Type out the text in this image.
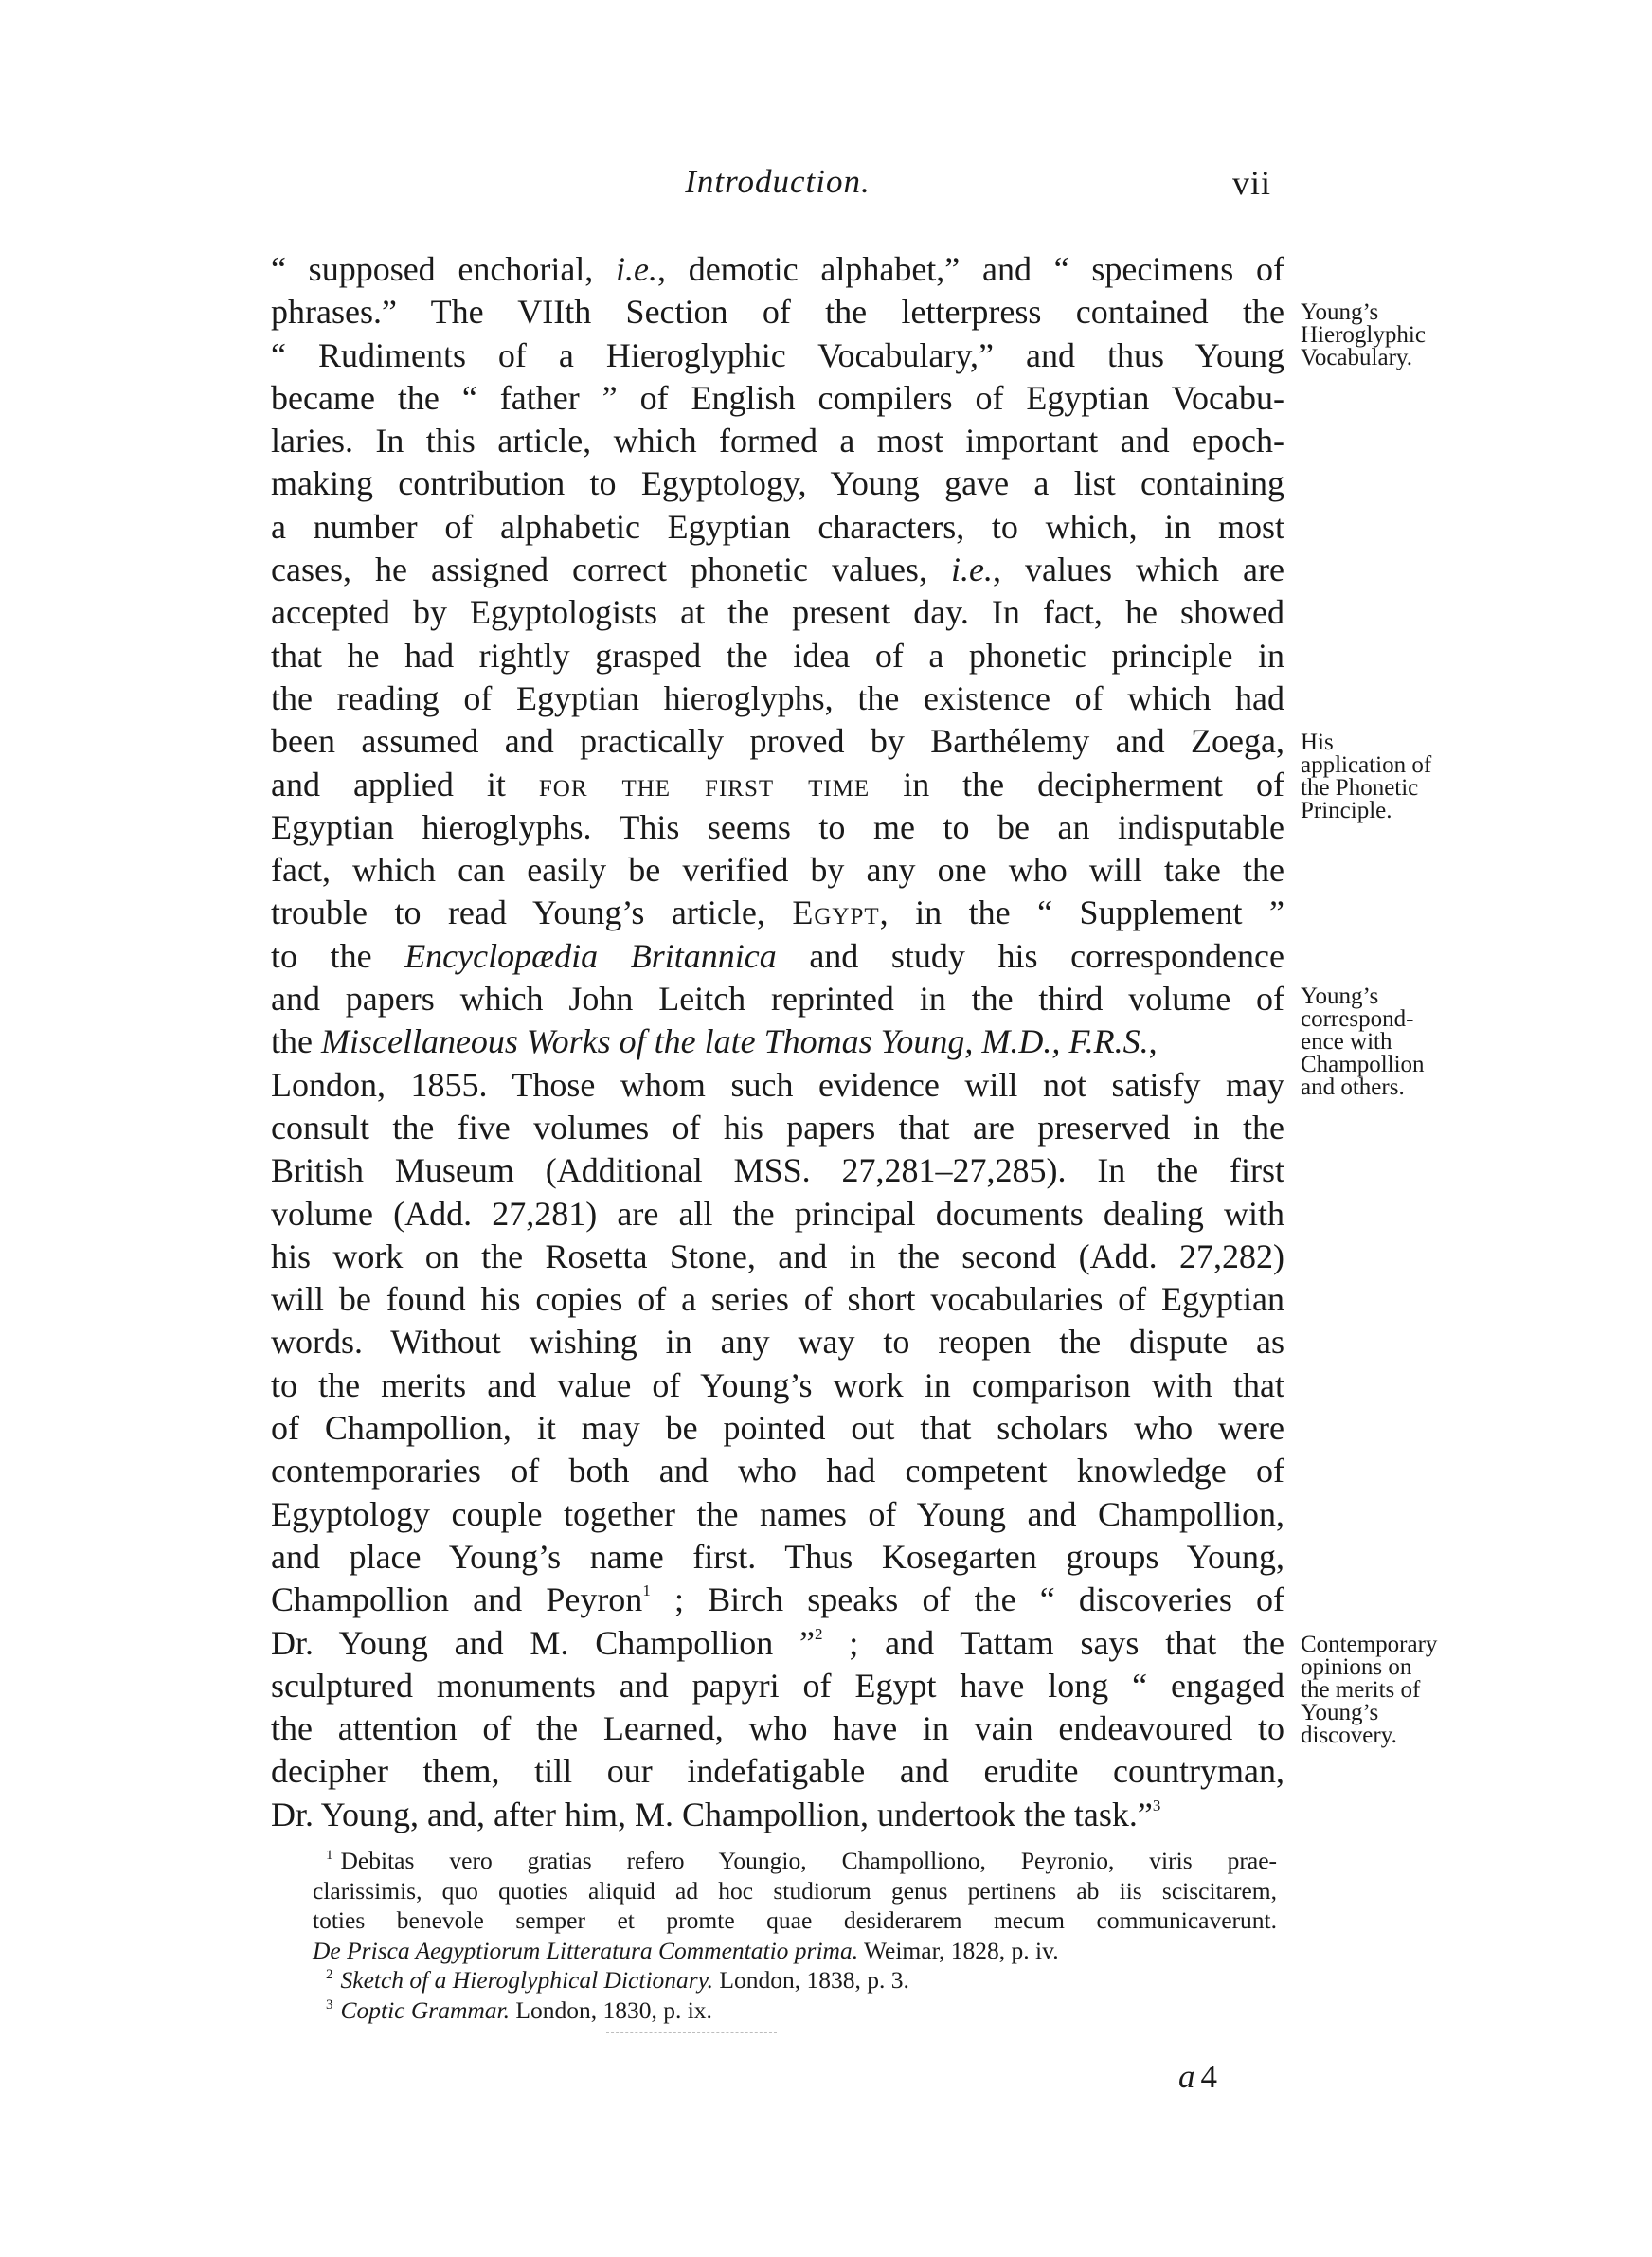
Introduction.	vii
“ supposed enchorial, i.e., demotic alphabet,” and “ specimens of
phrases.” The VIIth Section of the letterpress contained the
“ Rudiments of a Hieroglyphic Vocabulary,” and thus Young
became the “ father ” of English compilers of Egyptian Vocabu-
laries. In this article, which formed a most important and epoch-
making contribution to Egyptology, Young gave a list containing
a number of alphabetic Egyptian characters, to which, in most
cases, he assigned correct phonetic values, i.e., values which are
accepted by Egyptologists at the present day. In fact, he showed
that he had rightly grasped the idea of a phonetic principle in
the reading of Egyptian hieroglyphs, the existence of which had
been assumed and practically proved by Barthélemy and Zoega,
and applied it for the first time in the decipherment of
Egyptian hieroglyphs. This seems to me to be an indisputable
fact, which can easily be verified by any one who will take the
trouble to read Young’s article, Egypt, in the “ Supplement ”
to the Encyclopædia Britannica and study his correspondence
and papers which John Leitch reprinted in the third volume of
the Miscellaneous Works of the late Thomas Young, M.D., F.R.S.,
London, 1855. Those whom such evidence will not satisfy may
consult the five volumes of his papers that are preserved in the
British Museum (Additional MSS. 27,281–27,285). In the first
volume (Add. 27,281) are all the principal documents dealing with
his work on the Rosetta Stone, and in the second (Add. 27,282)
will be found his copies of a series of short vocabularies of Egyptian
words. Without wishing in any way to reopen the dispute as
to the merits and value of Young’s work in comparison with that
of Champollion, it may be pointed out that scholars who were
contemporaries of both and who had competent knowledge of
Egyptology couple together the names of Young and Champollion,
and place Young’s name first. Thus Kosegarten groups Young,
Champollion and Peyron$^1$ ; Birch speaks of the “ discoveries of
Dr. Young and M. Champollion ”$^2$ ; and Tattam says that the
sculptured monuments and papyri of Egypt have long “ engaged
the attention of the Learned, who have in vain endeavoured to
decipher them, till our indefatigable and erudite countryman,
Dr. Young, and, after him, M. Champollion, undertook the task.”$^3$
Young’s
Hieroglyphic
Vocabulary.
His
application of
the Phonetic
Principle.
Young’s
correspond-
ence with
Champollion
and others.
Contemporary
opinions on
the merits of
Young’s
discovery.
$^1$ Debitas vero gratias refero Youngio, Champolliono, Peyronio, viris prae-
clarissimis, quo quoties aliquid ad hoc studiorum genus pertinens ab iis sciscitarem,
toties benevole semper et promte quae desiderarem mecum communicaverunt.
De Prisca Aegyptiorum Litteratura Commentatio prima. Weimar, 1828, p. iv.
$^2$ Sketch of a Hieroglyphical Dictionary. London, 1838, p. 3.
$^3$ Coptic Grammar. London, 1830, p. ix.
a 4
